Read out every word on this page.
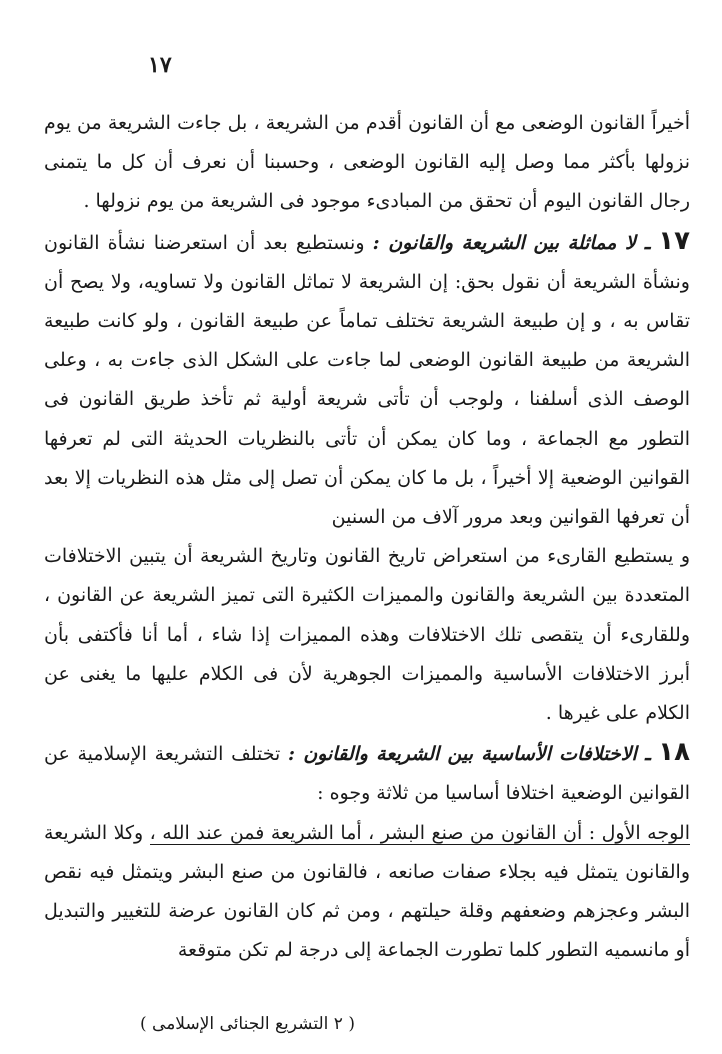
١٧

أخيراً القانون الوضعى مع أن القانون أقدم من الشريعة ، بل جاءت الشريعة من يوم نزولها بأكثر مما وصل إليه القانون الوضعى ، وحسبنا أن نعرف أن كل ما يتمنى رجال القانون اليوم أن تحقق من المبادىء موجود فى الشريعة من يوم نزولها .

١٧ ـ لا مماثلة بين الشريعة والقانون : ونستطيع بعد أن استعرضنا نشأة القانون ونشأة الشريعة أن نقول بحق: إن الشريعة لا تماثل القانون ولا تساويه، ولا يصح أن تقاس به ، و إن طبيعة الشريعة تختلف تماماً عن طبيعة القانون ، ولو كانت طبيعة الشريعة من طبيعة القانون الوضعى لما جاءت على الشكل الذى جاءت به ، وعلى الوصف الذى أسلفنا ، ولوجب أن تأتى شريعة أولية ثم تأخذ طريق القانون فى التطور مع الجماعة ، وما كان يمكن أن تأتى بالنظريات الحديثة التى لم تعرفها القوانين الوضعية إلا أخيراً ، بل ما كان يمكن أن تصل إلى مثل هذه النظريات إلا بعد أن تعرفها القوانين وبعد مرور آلاف من السنين

و يستطيع القارىء من استعراض تاريخ القانون وتاريخ الشريعة أن يتبين الاختلافات المتعددة بين الشريعة والقانون والمميزات الكثيرة التى تميز الشريعة عن القانون ، وللقارىء أن يتقصى تلك الاختلافات وهذه المميزات إذا شاء ، أما أنا فأكتفى بأن أبرز الاختلافات الأساسية والمميزات الجوهرية لأن فى الكلام عليها ما يغنى عن الكلام على غيرها .

١٨ ـ الاختلافات الأساسية بين الشريعة والقانون : تختلف التشريعة الإسلامية عن القوانين الوضعية اختلافا أساسيا من ثلاثة وجوه :

الوجه الأول : أن القانون من صنع البشر ، أما الشريعة فمن عند الله ، وكلا الشريعة والقانون يتمثل فيه بجلاء صفات صانعه ، فالقانون من صنع البشر ويتمثل فيه نقص البشر وعجزهم وضعفهم وقلة حيلتهم ، ومن ثم كان القانون عرضة للتغيير والتبديل أو مانسميه التطور كلما تطورت الجماعة إلى درجة لم تكن متوقعة

( ٢ التشريع الجنائى الإسلامى )
